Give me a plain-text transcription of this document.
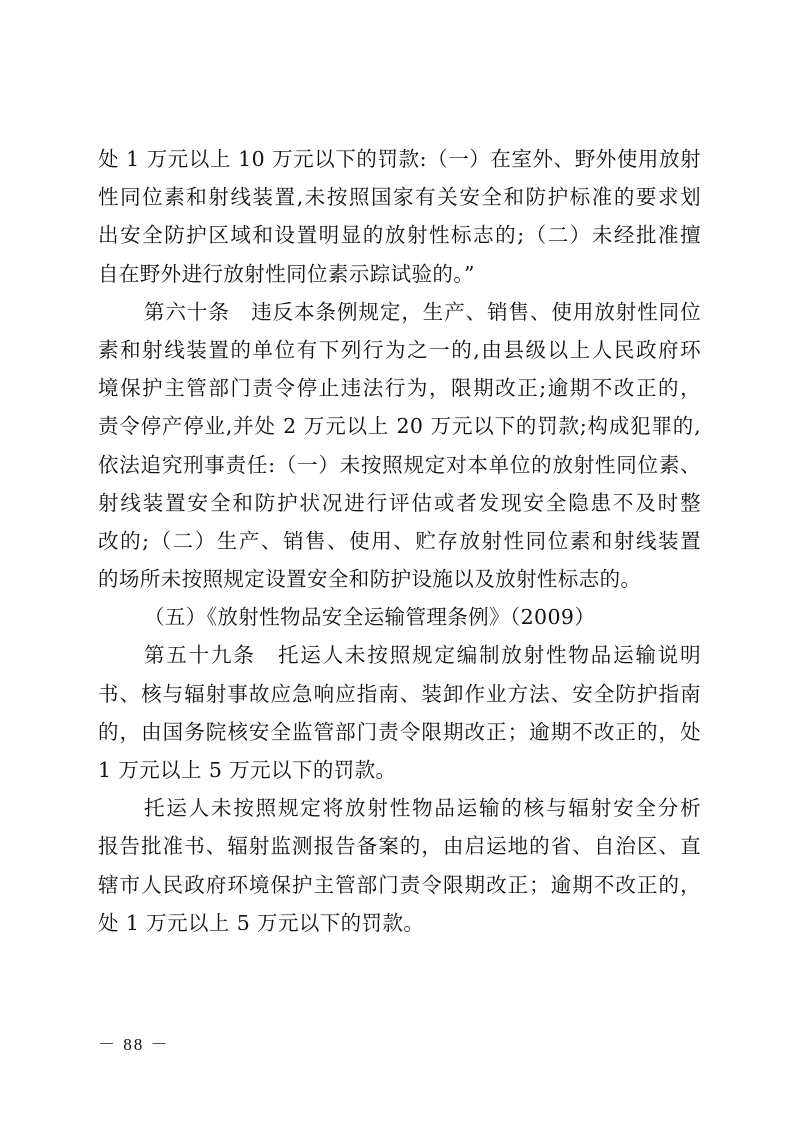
处 1 万元以上 10 万元以下的罚款:（一）在室外、野外使用放射
性同位素和射线装置,未按照国家有关安全和防护标准的要求划
出安全防护区域和设置明显的放射性标志的;（二）未经批准擅
自在野外进行放射性同位素示踪试验的。”
第六十条　违反本条例规定，生产、销售、使用放射性同位
素和射线装置的单位有下列行为之一的,由县级以上人民政府环
境保护主管部门责令停止违法行为，限期改正;逾期不改正的，
责令停产停业,并处 2 万元以上 20 万元以下的罚款;构成犯罪的,
依法追究刑事责任:（一）未按照规定对本单位的放射性同位素、
射线装置安全和防护状况进行评估或者发现安全隐患不及时整
改的;（二）生产、销售、使用、贮存放射性同位素和射线装置
的场所未按照规定设置安全和防护设施以及放射性标志的。
（五）《放射性物品安全运输管理条例》（2009）
第五十九条　托运人未按照规定编制放射性物品运输说明
书、核与辐射事故应急响应指南、装卸作业方法、安全防护指南
的，由国务院核安全监管部门责令限期改正；逾期不改正的，处
1 万元以上 5 万元以下的罚款。
托运人未按照规定将放射性物品运输的核与辐射安全分析
报告批准书、辐射监测报告备案的，由启运地的省、自治区、直
辖市人民政府环境保护主管部门责令限期改正；逾期不改正的，
处 1 万元以上 5 万元以下的罚款。
－ 88 －
